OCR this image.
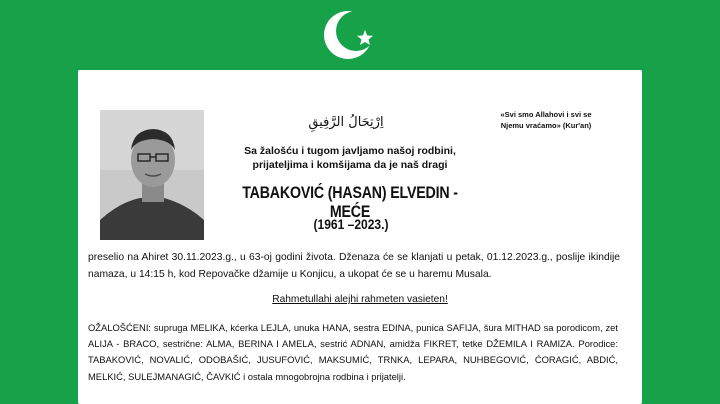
اِرْتِحَالُ الرَّفِيقِ
«Svi smo Allahovi i svi se
Njemu vraćamo» (Kur'an)
Sa žalošću i tugom javljamo našoj rodbini,
prijateljima i komšijama da je naš dragi
TABAKOVIĆ (HASAN) ELVEDIN - MEĆE
(1961 –2023.)
preselio na Ahiret 30.11.2023.g., u 63-oj godini života. Dženaza će se klanjati u petak, 01.12.2023.g., poslije ikindije namaza, u 14:15 h, kod Repovačke džamije u Konjicu, a ukopat će se u haremu Musala.
Rahmetullahi alejhi rahmeten vasieten!
OŽALOŠĆENI: supruga MELIKA, kćerka LEJLA, unuka HANA, sestra EDINA, punica SAFIJA, šura MITHAD sa porodicom, zet ALIJA - BRACO, sestrične: ALMA, BERINA I AMELA, sestrić ADNAN, amidža FIKRET, tetke DŽEMILA I RAMIZA. Porodice: TABAKOVIĆ, NOVALIĆ, ODOBAŠIĆ, JUSUFOVIĆ, MAKSUMIĆ, TRNKA, LEPARA, NUHBEGOVIĆ, ĆORAGIĆ, ABDIĆ, MELKIĆ, SULEJMANAGIĆ, ČAVKIĆ i ostala mnogobrojna rodbina i prijatelji.
